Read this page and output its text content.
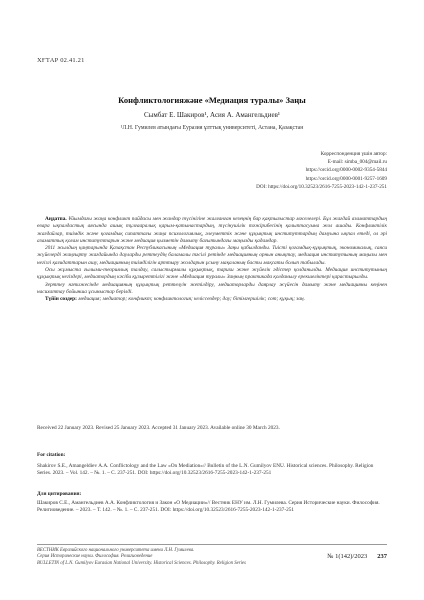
ХҒТАР 02.41.21
Конфликтологияжәне «Медиация туралы» Заңы
Сымбат Е. Шакиров¹, Асия А. Амангельдиев¹
¹Л.Н. Гумилев атындағы Еуразия ұлттық университеті, Астана, Қазақстан
Корреспонденция үшін автор:
E-mail: simba_004@mail.ru
https://orcid.org/0000-0002-9354-5844
https://orcid.org/0000-0001-9257-1609
DOI: https://doi.org/10.32523/2616-7255-2023-142-1-237-251

Аңдатпа. Ұйымдағы жаңа конфликт пайдасы мен жандар түсінігіне жалғанған кезеңнің бар қақтығыстар мәселелері. Бұл жағдай азаматтардың өзара ықпалдастық аясында ашық тұлғааралық қарым-қатынастардың, түсінушілік тәжірибесінің қалыптасуына жол ашады. Конфликтілік жағдайлар, тиімдік және қоғамдық сипаттағы жаңа психологиялық, әлеуметтік және құқықтық институттардың дамуына ықпал етеді, ол әрі азаматтық қоғам институттарын және медиация қызметін дамыту бағытындағы маңызды қадамдар.

2011 жылдың қаңтарында Қазақстан Республикасының «Медиация туралы» Заңы қабылданды. Тиісті қоғамдық-құқықтық, экономикалық, саяси жүйелерді жаңғырту жағдайында дауларды реттеудің баламалы тәсілі ретінде медиацияның орнын анықтау, медиация институтының маңызы мен негізгі қағидаттарын ашу, медиацияның тиімділігін арттыру жолдарын ұсыну мақаланың басты мақсаты болып табылады.

Осы жұмыста ғылыми-теориялық талдау, салыстырмалы құқықтық, тарихи және жүйелік әдістер қолданылды. Медиация институтының құқықтық негіздері, медиатордың кәсіби құзыреттілігі және «Медиация туралы» Заңның практикада қолданылу ерекшеліктері қарастырылды.

Зерттеу нәтижесінде медиацияның құқықтық реттелуін жетілдіру, медиаторларды даярлау жүйесін дамыту және медиацияны кеңінен насихаттау бойынша ұсыныстар берілді.

Түйін сөздер: медиация; медиатор; конфликт; конфликтология; келіссөздер; дау; бітімгершілік; сот; құқық; заң.

Received 22 January 2023. Revised 25 January 2023. Accepted 31 January 2023. Available online 30 March 2023.
For citation:
Shakirov S.E., Amangeldiev A.A. Conflictology and the Law «On Mediation»// Bulletin of the L.N. Gumilyov ENU. Historical sciences. Philosophy. Religion Series. 2023. – Vol. 142. – №. 1. – С. 237-251. DOI: https://doi.org/10.32523/2616-7255-2023-142-1-237-251
Для цитирования:
Шакиров С.Е., Амангельдиев А.А. Конфликтология и Закон «О Медиации»// Вестник ЕНУ им. Л.Н. Гумилева. Серия Исторические науки. Философия. Религиоведение. – 2023. – Т. 142. – №. 1. – С. 237-251. DOI: https://doi.org/10.32523/2616-7255-2023-142-1-237-251
ВЕСТНИК Евразийского национального университета имени Л.Н. Гумилева.
Серия Исторические науки. Философия. Религиоведение
BULLETIN of L.N. Gumilyov Eurasian National University. Historical Sciences. Philosophy. Religion Series
№ 1(142)/2023 237
